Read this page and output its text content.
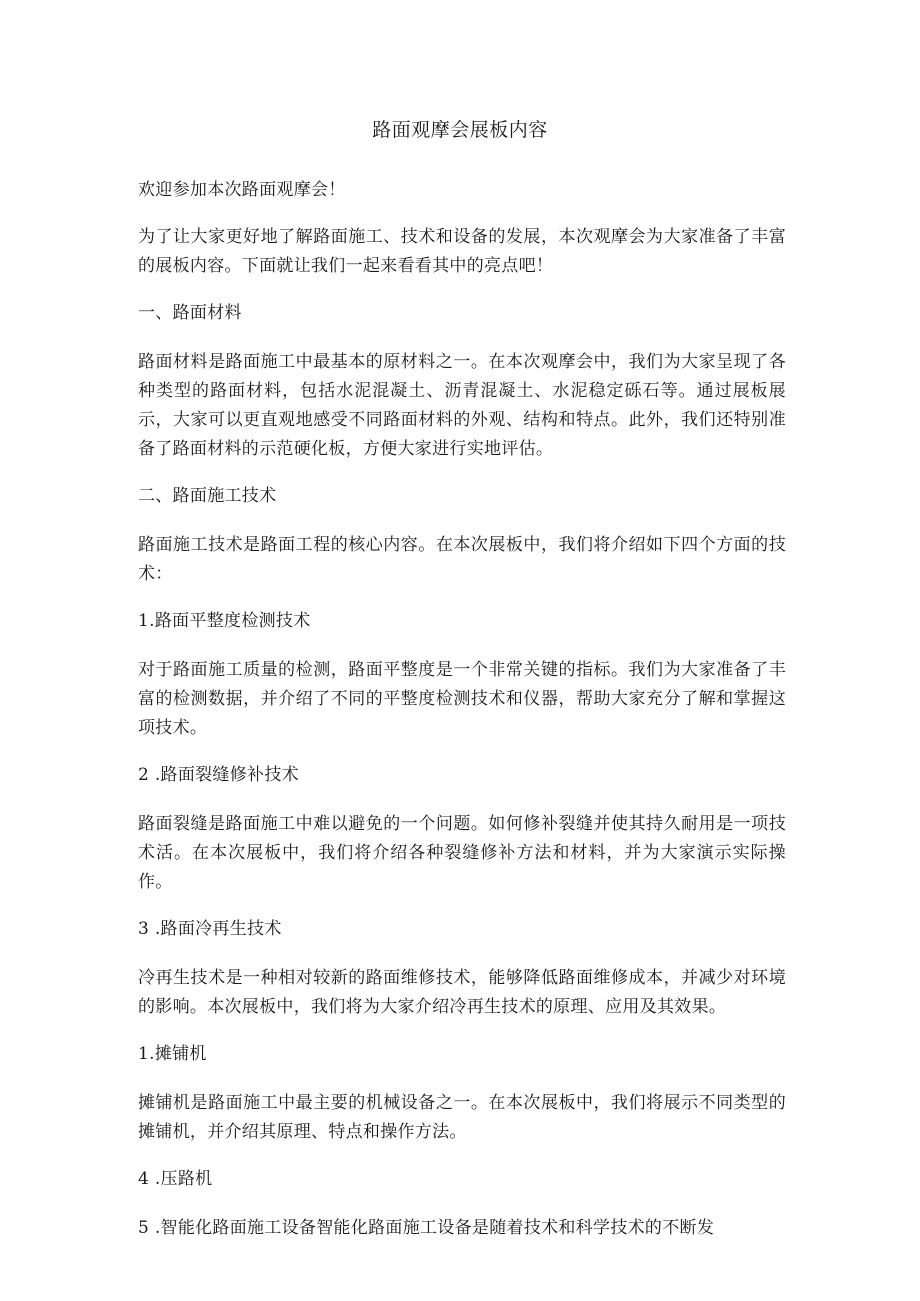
路面观摩会展板内容

欢迎参加本次路面观摩会！

为了让大家更好地了解路面施工、技术和设备的发展，本次观摩会为大家准备了丰富的展板内容。下面就让我们一起来看看其中的亮点吧！

一、路面材料

路面材料是路面施工中最基本的原材料之一。在本次观摩会中，我们为大家呈现了各种类型的路面材料，包括水泥混凝土、沥青混凝土、水泥稳定砾石等。通过展板展示，大家可以更直观地感受不同路面材料的外观、结构和特点。此外，我们还特别准备了路面材料的示范硬化板，方便大家进行实地评估。

二、路面施工技术

路面施工技术是路面工程的核心内容。在本次展板中，我们将介绍如下四个方面的技术：

1.路面平整度检测技术

对于路面施工质量的检测，路面平整度是一个非常关键的指标。我们为大家准备了丰富的检测数据，并介绍了不同的平整度检测技术和仪器，帮助大家充分了解和掌握这项技术。

2 .路面裂缝修补技术

路面裂缝是路面施工中难以避免的一个问题。如何修补裂缝并使其持久耐用是一项技术活。在本次展板中，我们将介绍各种裂缝修补方法和材料，并为大家演示实际操作。

3 .路面冷再生技术

冷再生技术是一种相对较新的路面维修技术，能够降低路面维修成本，并减少对环境的影响。本次展板中，我们将为大家介绍冷再生技术的原理、应用及其效果。

1.摊铺机

摊铺机是路面施工中最主要的机械设备之一。在本次展板中，我们将展示不同类型的摊铺机，并介绍其原理、特点和操作方法。

4 .压路机

5 .智能化路面施工设备智能化路面施工设备是随着技术和科学技术的不断发
